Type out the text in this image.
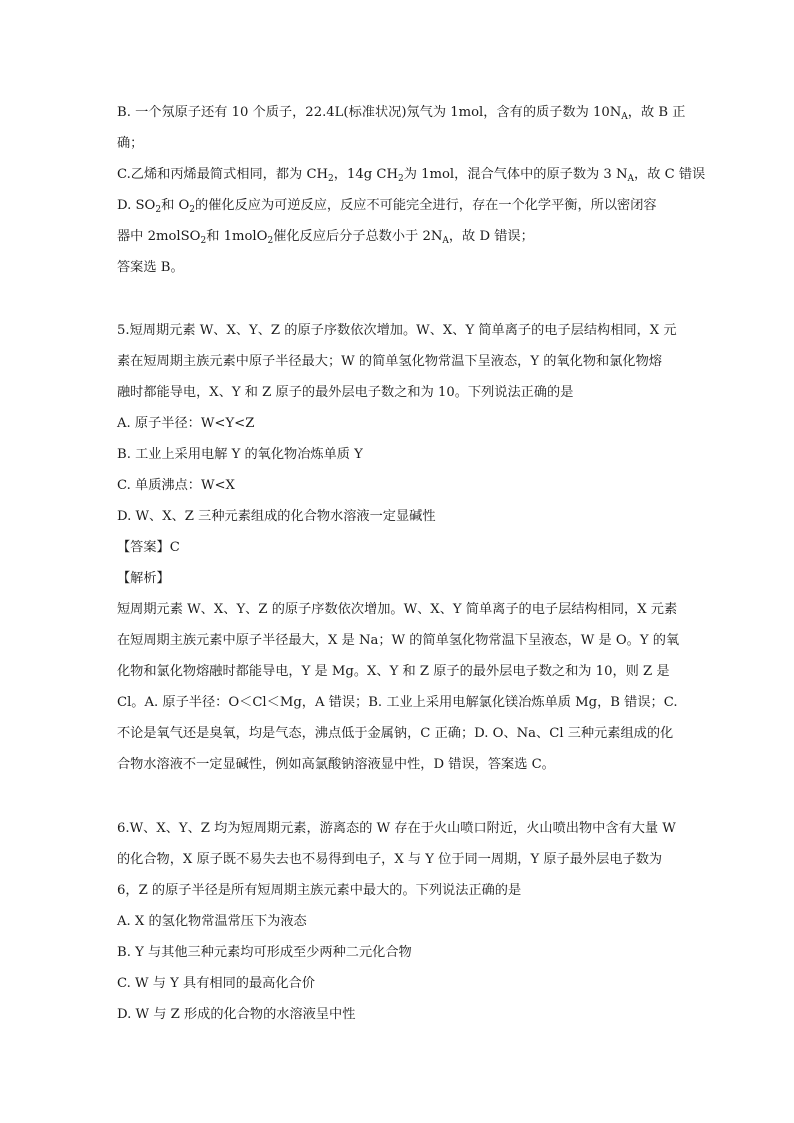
B. 一个氖原子还有 10 个质子，22.4L(标准状况)氖气为 1mol，含有的质子数为 $10N_A$，故 B 正
确；
C.乙烯和丙烯最简式相同，都为 $CH_2$，14g $CH_2$为 1mol，混合气体中的原子数为 3 $N_A$，故 C 错误
D. $SO_2$和 $O_2$的催化反应为可逆反应，反应不可能完全进行，存在一个化学平衡，所以密闭容
器中 2molSO$_2$和 1molO$_2$催化反应后分子总数小于 $2N_A$，故 D 错误；
答案选 B。
5.短周期元素 W、X、Y、Z 的原子序数依次增加。W、X、Y 简单离子的电子层结构相同，X 元
素在短周期主族元素中原子半径最大；W 的简单氢化物常温下呈液态，Y 的氧化物和氯化物熔
融时都能导电，X、Y 和 Z 原子的最外层电子数之和为 10。下列说法正确的是
A. 原子半径：W<Y<Z
B. 工业上采用电解 Y 的氧化物冶炼单质 Y
C. 单质沸点：W<X
D. W、X、Z 三种元素组成的化合物水溶液一定显碱性
【答案】C
【解析】
短周期元素 W、X、Y、Z 的原子序数依次增加。W、X、Y 简单离子的电子层结构相同，X 元素
在短周期主族元素中原子半径最大，X 是 Na；W 的简单氢化物常温下呈液态，W 是 O。Y 的氧
化物和氯化物熔融时都能导电，Y 是 Mg。X、Y 和 Z 原子的最外层电子数之和为 10，则 Z 是
Cl。A. 原子半径：O＜Cl＜Mg，A 错误；B. 工业上采用电解氯化镁冶炼单质 Mg，B 错误；C.
不论是氧气还是臭氧，均是气态，沸点低于金属钠，C 正确；D. O、Na、Cl 三种元素组成的化
合物水溶液不一定显碱性，例如高氯酸钠溶液显中性，D 错误，答案选 C。
6.W、X、Y、Z 均为短周期元素，游离态的 W 存在于火山喷口附近，火山喷出物中含有大量 W
的化合物，X 原子既不易失去也不易得到电子，X 与 Y 位于同一周期，Y 原子最外层电子数为
6，Z 的原子半径是所有短周期主族元素中最大的。下列说法正确的是
A. X 的氢化物常温常压下为液态
B. Y 与其他三种元素均可形成至少两种二元化合物
C. W 与 Y 具有相同的最高化合价
D. W 与 Z 形成的化合物的水溶液呈中性
